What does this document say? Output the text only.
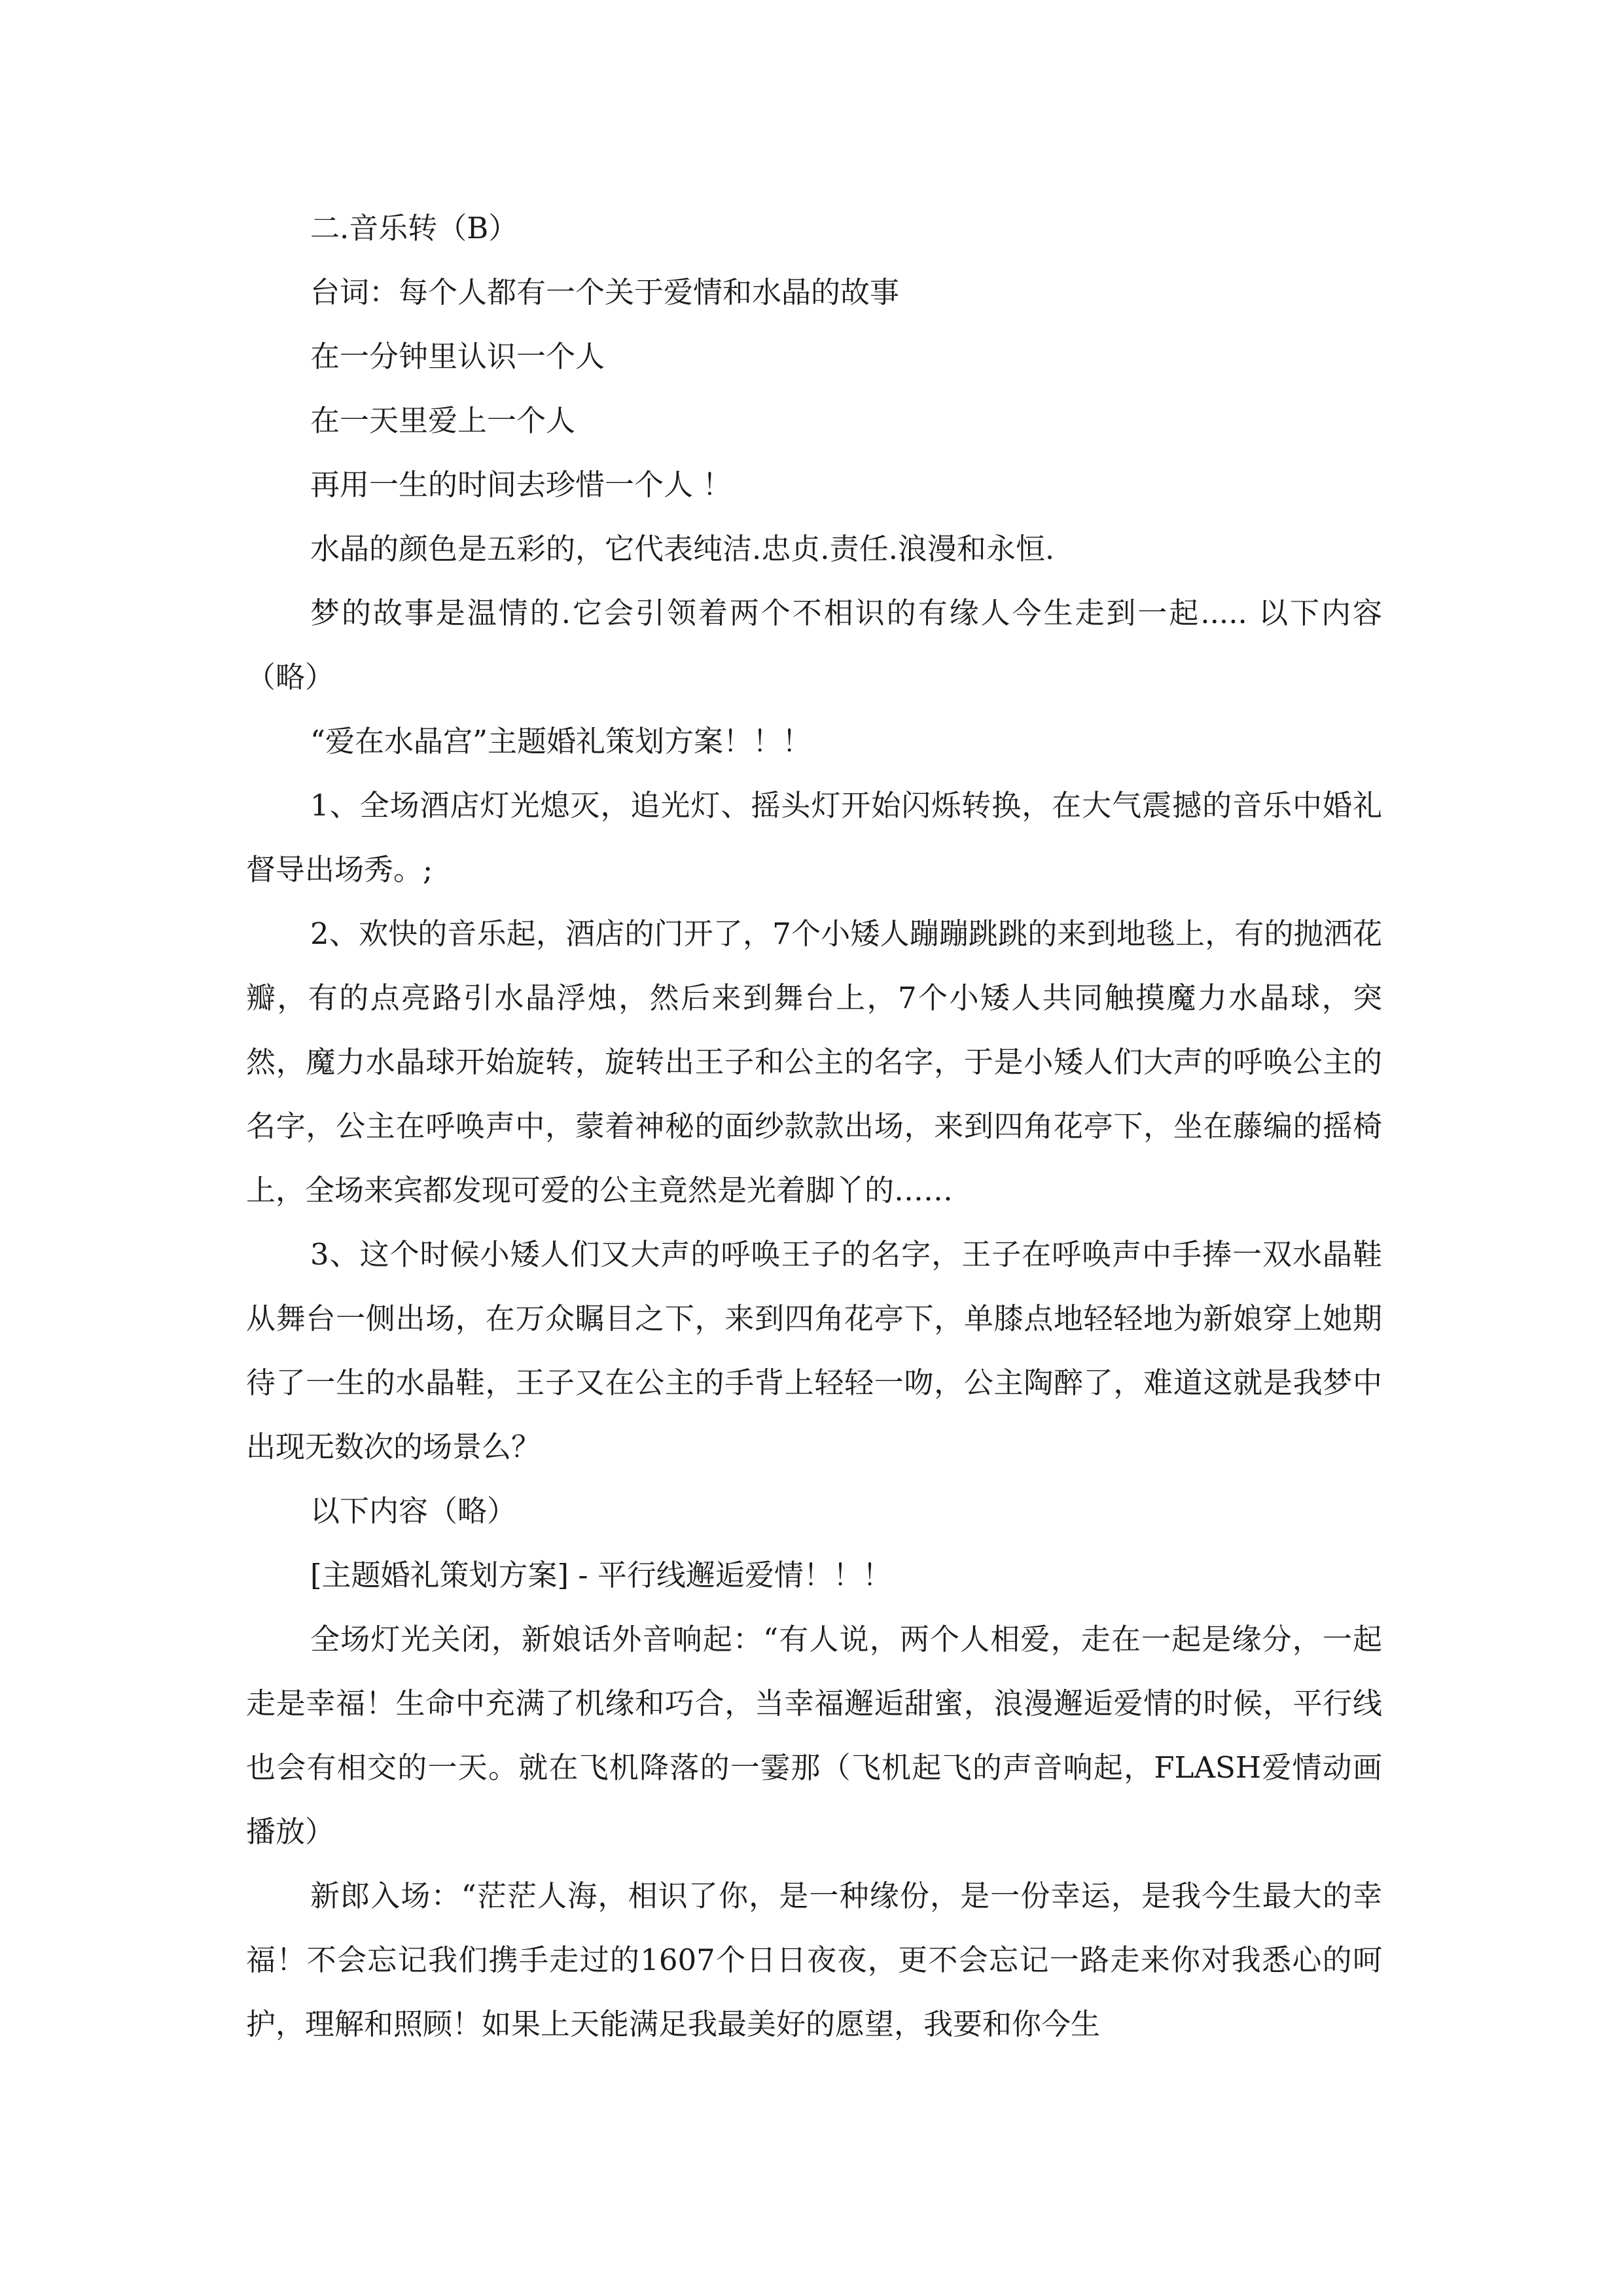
二.音乐转（B）

台词：每个人都有一个关于爱情和水晶的故事

在一分钟里认识一个人

在一天里爱上一个人

再用一生的时间去珍惜一个人 ！

水晶的颜色是五彩的，它代表纯洁.忠贞.责任.浪漫和永恒.

梦的故事是温情的.它会引领着两个不相识的有缘人今生走到一起..... 以下内容（略）

“爱在水晶宫”主题婚礼策划方案！！！

1、全场酒店灯光熄灭，追光灯、摇头灯开始闪烁转换，在大气震撼的音乐中婚礼督导出场秀。;

2、欢快的音乐起，酒店的门开了，7个小矮人蹦蹦跳跳的来到地毯上，有的抛洒花瓣，有的点亮路引水晶浮烛，然后来到舞台上，7个小矮人共同触摸魔力水晶球，突然，魔力水晶球开始旋转，旋转出王子和公主的名字，于是小矮人们大声的呼唤公主的名字，公主在呼唤声中，蒙着神秘的面纱款款出场，来到四角花亭下，坐在藤编的摇椅上，全场来宾都发现可爱的公主竟然是光着脚丫的……

3、这个时候小矮人们又大声的呼唤王子的名字，王子在呼唤声中手捧一双水晶鞋从舞台一侧出场，在万众瞩目之下，来到四角花亭下，单膝点地轻轻地为新娘穿上她期待了一生的水晶鞋，王子又在公主的手背上轻轻一吻，公主陶醉了，难道这就是我梦中出现无数次的场景么？

以下内容（略）

[主题婚礼策划方案] - 平行线邂逅爱情！！！

全场灯光关闭，新娘话外音响起：“有人说，两个人相爱，走在一起是缘分，一起走是幸福！生命中充满了机缘和巧合，当幸福邂逅甜蜜，浪漫邂逅爱情的时候，平行线也会有相交的一天。就在飞机降落的一霎那（飞机起飞的声音响起，FLASH爱情动画播放）

新郎入场：“茫茫人海，相识了你，是一种缘份，是一份幸运，是我今生最大的幸福！不会忘记我们携手走过的1607个日日夜夜，更不会忘记一路走来你对我悉心的呵护，理解和照顾！如果上天能满足我最美好的愿望，我要和你今生
